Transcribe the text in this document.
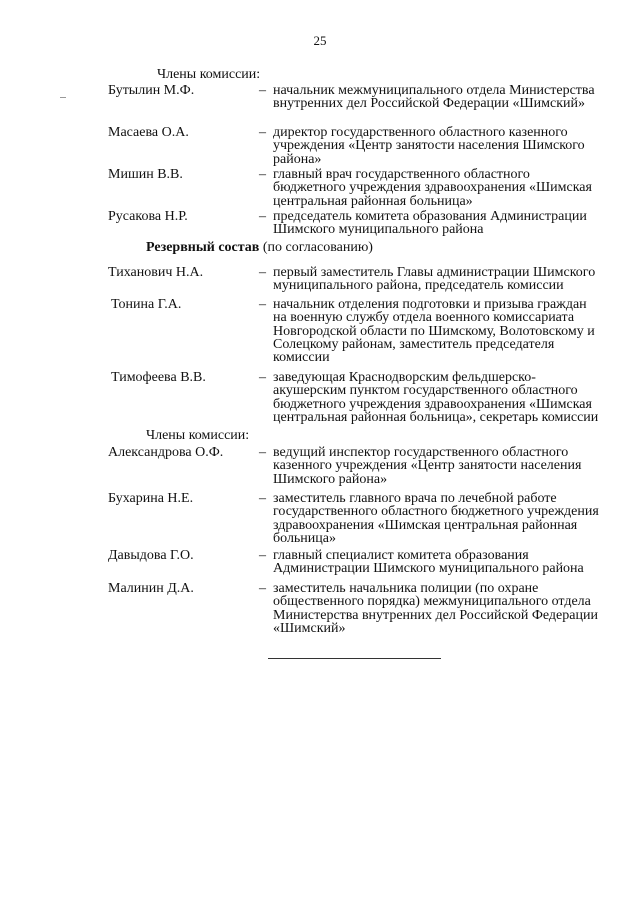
25
Члены комиссии:
Бутылин М.Ф.	– начальник межмуниципального отдела Министерства внутренних дел Российской Федерации «Шимский»
Масаева О.А.	– директор государственного областного казенного учреждения «Центр занятости населения Шимского района»
Мишин В.В.	– главный врач государственного областного бюджетного учреждения здравоохранения «Шимская центральная районная больница»
Русакова Н.Р.	– председатель комитета образования Администрации Шимского муниципального района
Резервный состав (по согласованию)
Тиханович Н.А.	– первый заместитель Главы администрации Шимского муниципального района, председатель комиссии
Тонина Г.А.	– начальник отделения подготовки и призыва граждан на военную службу отдела военного комиссариата Новгородской области по Шимскому, Волотовскому и Солецкому районам, заместитель председателя комиссии
Тимофеева В.В.	– заведующая Краснодворским фельдшерско-акушерским пунктом государственного областного бюджетного учреждения здравоохранения «Шимская центральная районная больница», секретарь комиссии
Члены комиссии:
Александрова О.Ф.	– ведущий инспектор государственного областного казенного учреждения «Центр занятости населения Шимского района»
Бухарина Н.Е.	– заместитель главного врача по лечебной работе государственного областного бюджетного учреждения здравоохранения «Шимская центральная районная больница»
Давыдова Г.О.	– главный специалист комитета образования Администрации Шимского муниципального района
Малинин Д.А.	– заместитель начальника полиции (по охране общественного порядка) межмуниципального отдела Министерства внутренних дел Российской Федерации «Шимский»
